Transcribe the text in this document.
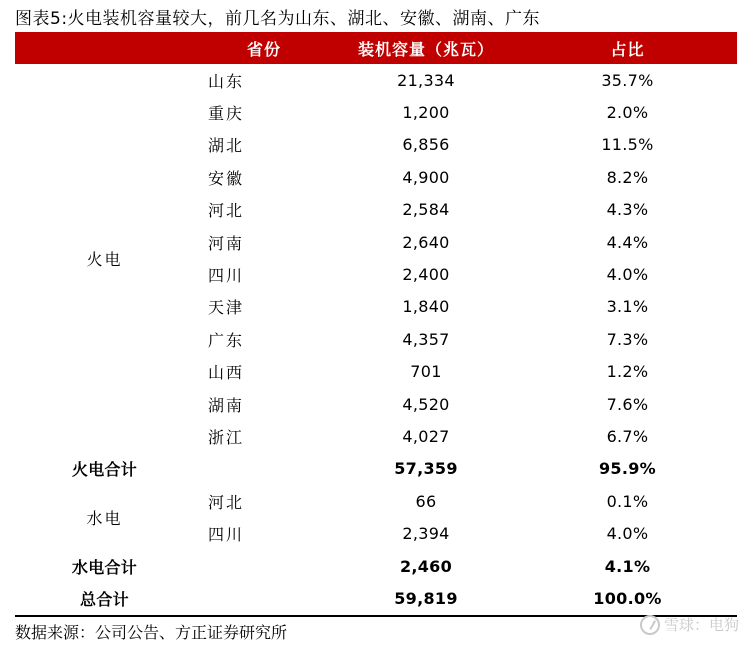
图表5:火电装机容量较大，前几名为山东、湖北、安徽、湖南、广东
	省份	装机容量（兆瓦）	占比
火电	山东	21,334	35.7%
	重庆	1,200	2.0%
	湖北	6,856	11.5%
	安徽	4,900	8.2%
	河北	2,584	4.3%
	河南	2,640	4.4%
	四川	2,400	4.0%
	天津	1,840	3.1%
	广东	4,357	7.3%
	山西	701	1.2%
	湖南	4,520	7.6%
	浙江	4,027	6.7%
火电合计		57,359	95.9%
水电	河北	66	0.1%
	四川	2,394	4.0%
水电合计		2,460	4.1%
总合计		59,819	100.0%
数据来源：公司公告、方正证券研究所	雪球：电狗
